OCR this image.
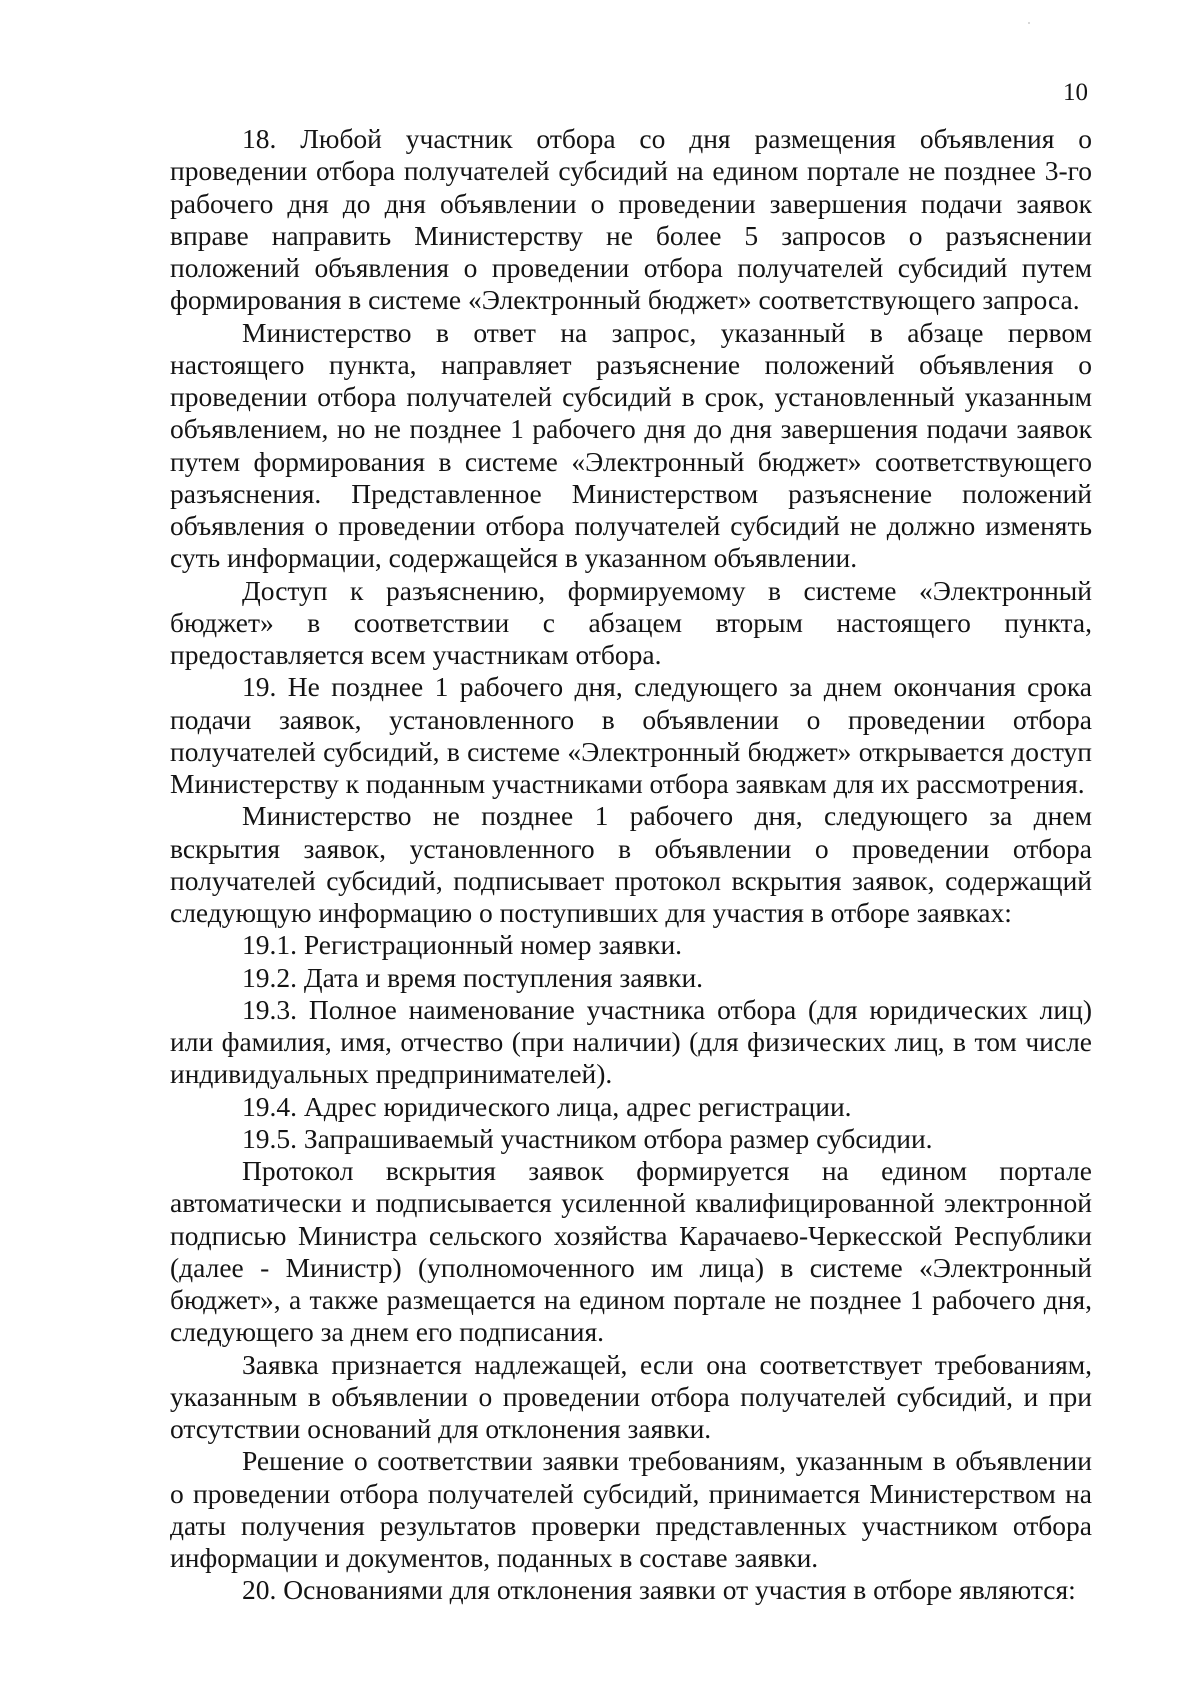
10

18. Любой участник отбора со дня размещения объявления о проведении отбора получателей субсидий на едином портале не позднее 3-го рабочего дня до дня объявлении о проведении завершения подачи заявок вправе направить Министерству не более 5 запросов о разъяснении положений объявления о проведении отбора получателей субсидий путем формирования в системе «Электронный бюджет» соответствующего запроса.

Министерство в ответ на запрос, указанный в абзаце первом настоящего пункта, направляет разъяснение положений объявления о проведении отбора получателей субсидий в срок, установленный указанным объявлением, но не позднее 1 рабочего дня до дня завершения подачи заявок путем формирования в системе «Электронный бюджет» соответствующего разъяснения. Представленное Министерством разъяснение положений объявления о проведении отбора получателей субсидий не должно изменять суть информации, содержащейся в указанном объявлении.

Доступ к разъяснению, формируемому в системе «Электронный бюджет» в соответствии с абзацем вторым настоящего пункта, предоставляется всем участникам отбора.

19. Не позднее 1 рабочего дня, следующего за днем окончания срока подачи заявок, установленного в объявлении о проведении отбора получателей субсидий, в системе «Электронный бюджет» открывается доступ Министерству к поданным участниками отбора заявкам для их рассмотрения.

Министерство не позднее 1 рабочего дня, следующего за днем вскрытия заявок, установленного в объявлении о проведении отбора получателей субсидий, подписывает протокол вскрытия заявок, содержащий следующую информацию о поступивших для участия в отборе заявках:

19.1. Регистрационный номер заявки.

19.2. Дата и время поступления заявки.

19.3. Полное наименование участника отбора (для юридических лиц) или фамилия, имя, отчество (при наличии) (для физических лиц, в том числе индивидуальных предпринимателей).

19.4. Адрес юридического лица, адрес регистрации.

19.5. Запрашиваемый участником отбора размер субсидии.

Протокол вскрытия заявок формируется на едином портале автоматически и подписывается усиленной квалифицированной электронной подписью Министра сельского хозяйства Карачаево-Черкесской Республики (далее - Министр) (уполномоченного им лица) в системе «Электронный бюджет», а также размещается на едином портале не позднее 1 рабочего дня, следующего за днем его подписания.

Заявка признается надлежащей, если она соответствует требованиям, указанным в объявлении о проведении отбора получателей субсидий, и при отсутствии оснований для отклонения заявки.

Решение о соответствии заявки требованиям, указанным в объявлении о проведении отбора получателей субсидий, принимается Министерством на даты получения результатов проверки представленных участником отбора информации и документов, поданных в составе заявки.

20. Основаниями для отклонения заявки от участия в отборе являются:
